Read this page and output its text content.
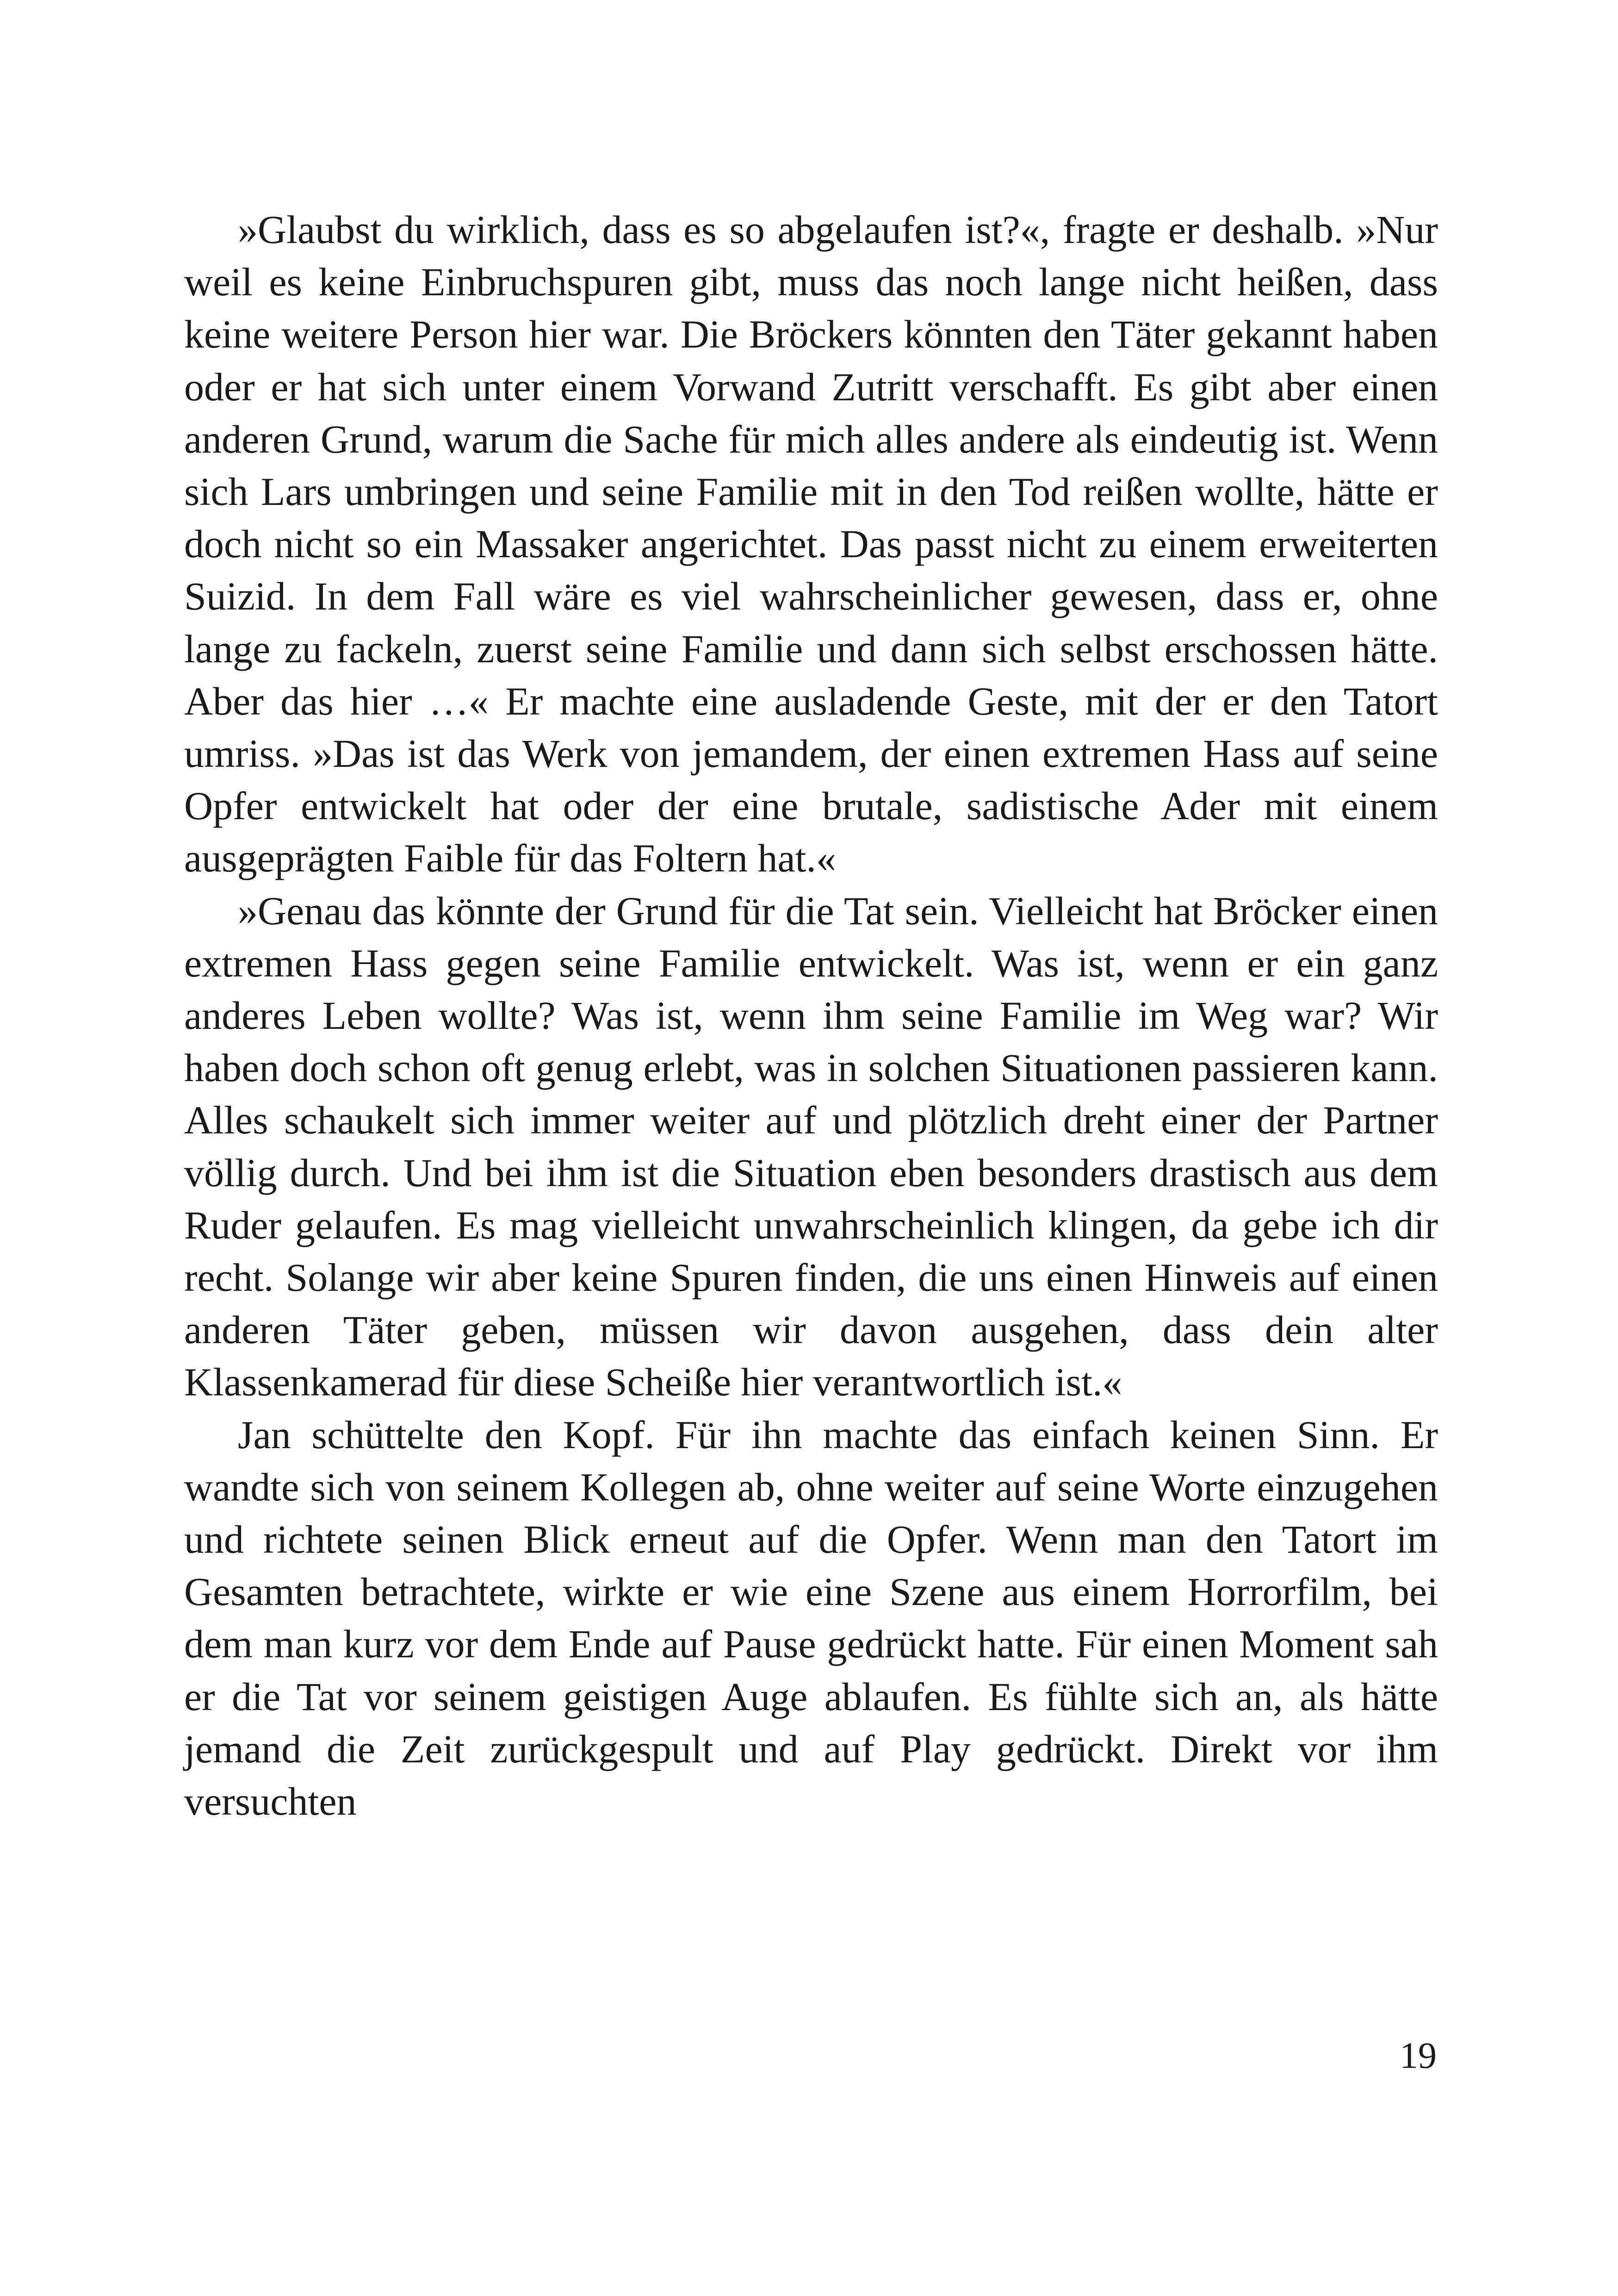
»Glaubst du wirklich, dass es so abgelaufen ist?«, fragte er deshalb. »Nur weil es keine Einbruchspuren gibt, muss das noch lange nicht heißen, dass keine weitere Person hier war. Die Bröckers könnten den Täter gekannt haben oder er hat sich unter einem Vorwand Zutritt verschafft. Es gibt aber einen anderen Grund, warum die Sache für mich alles andere als eindeutig ist. Wenn sich Lars umbringen und seine Familie mit in den Tod reißen wollte, hätte er doch nicht so ein Massaker angerichtet. Das passt nicht zu einem erweiterten Suizid. In dem Fall wäre es viel wahrscheinlicher gewesen, dass er, ohne lange zu fackeln, zuerst seine Familie und dann sich selbst erschossen hätte. Aber das hier …« Er machte eine ausladende Geste, mit der er den Tatort umriss. »Das ist das Werk von jemandem, der einen extremen Hass auf seine Opfer entwickelt hat oder der eine brutale, sadistische Ader mit einem ausgeprägten Faible für das Foltern hat.«

»Genau das könnte der Grund für die Tat sein. Vielleicht hat Bröcker einen extremen Hass gegen seine Familie entwickelt. Was ist, wenn er ein ganz anderes Leben wollte? Was ist, wenn ihm seine Familie im Weg war? Wir haben doch schon oft genug erlebt, was in solchen Situationen passieren kann. Alles schaukelt sich immer weiter auf und plötzlich dreht einer der Partner völlig durch. Und bei ihm ist die Situation eben besonders drastisch aus dem Ruder gelaufen. Es mag vielleicht unwahrscheinlich klingen, da gebe ich dir recht. Solange wir aber keine Spuren finden, die uns einen Hinweis auf einen anderen Täter geben, müssen wir davon ausgehen, dass dein alter Klassenkamerad für diese Scheiße hier verantwortlich ist.«

Jan schüttelte den Kopf. Für ihn machte das einfach keinen Sinn. Er wandte sich von seinem Kollegen ab, ohne weiter auf seine Worte einzugehen und richtete seinen Blick erneut auf die Opfer. Wenn man den Tatort im Gesamten betrachtete, wirkte er wie eine Szene aus einem Horrorfilm, bei dem man kurz vor dem Ende auf Pause gedrückt hatte. Für einen Moment sah er die Tat vor seinem geistigen Auge ablaufen. Es fühlte sich an, als hätte jemand die Zeit zurückgespult und auf Play gedrückt. Direkt vor ihm versuchten

19
